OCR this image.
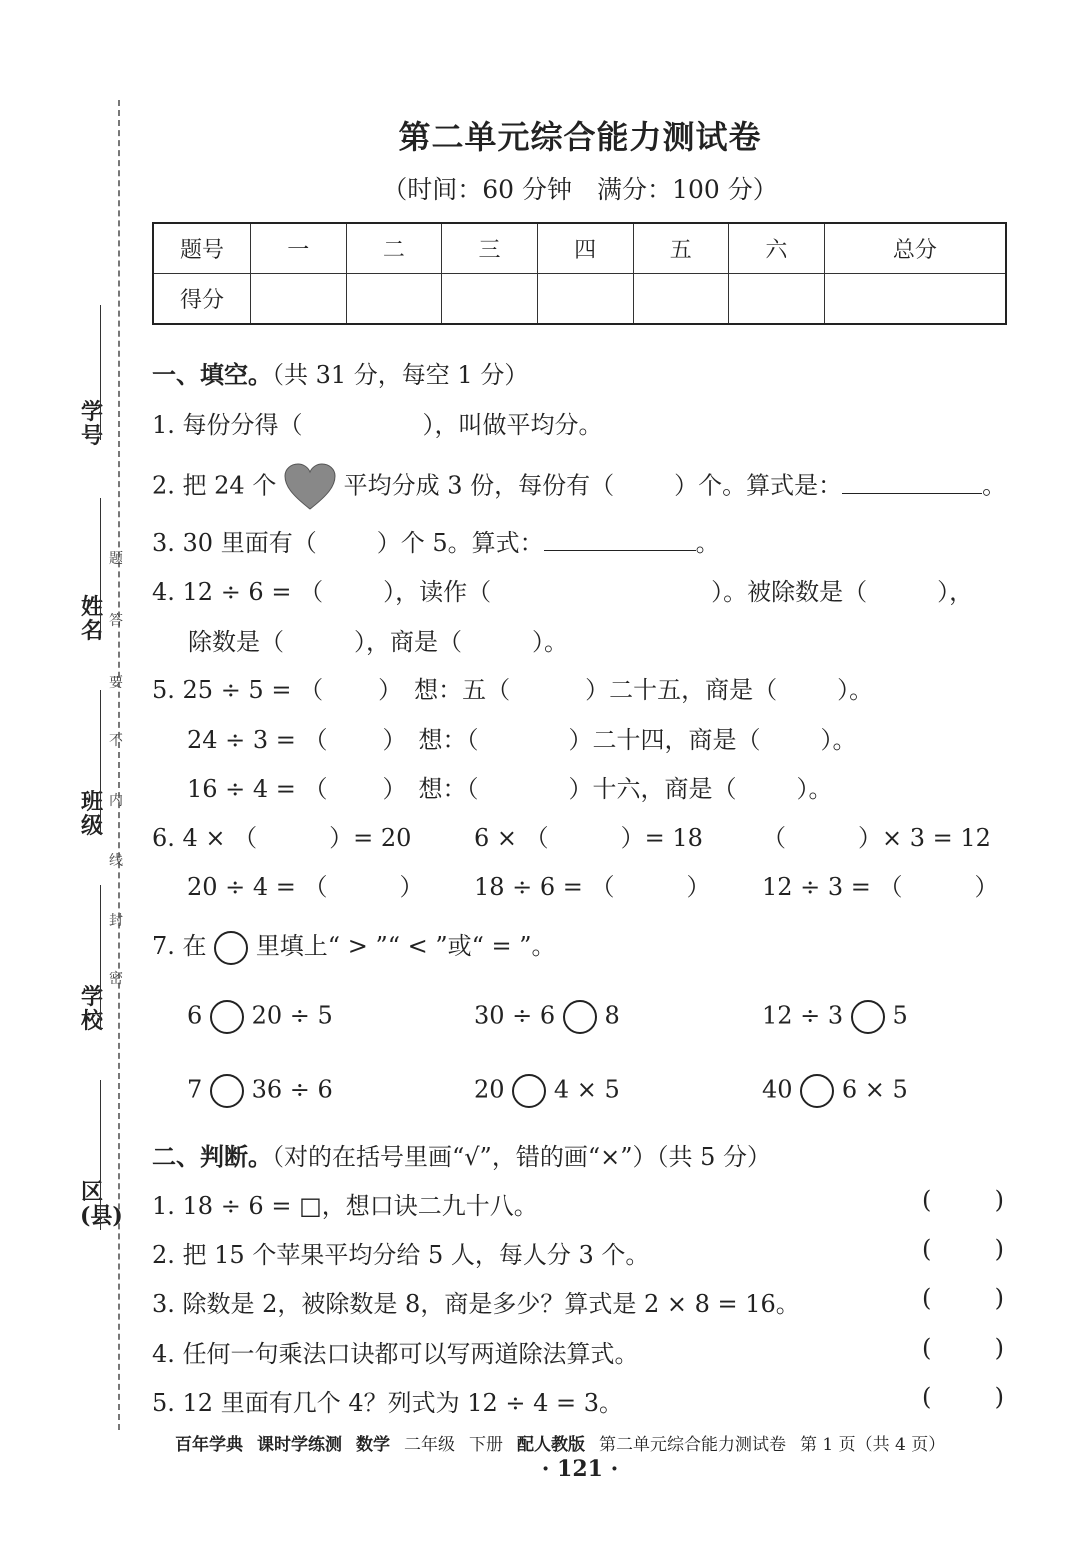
学号
姓名
班级
学校
区(县)
题
答
要
不
内
线
封
密
第二单元综合能力测试卷
（时间：60 分钟　满分：100 分）
题号	一	二	三	四	五	六	总分
得分							
一、填空。（共 31 分，每空 1 分）
1. 每份分得（	），叫做平均分。
2. 把 24 个	平均分成 3 份，每份有（	）个。算式是：	。
3. 30 里面有（	）个 5。算式：	。
4. 12 ÷ 6 = （	），读作（	）。被除数是（	），
除数是（	），商是（	）。
5. 25 ÷ 5 = （ ）　想：五（	）二十五，商是（	）。
24 ÷ 3 = （ ）　想：（	）二十四，商是（	）。
16 ÷ 4 = （ ）　想：（	）十六，商是（	）。
6. 4 × （　　　）= 20	6 × （　　　）= 18 （　　　）× 3 = 12
20 ÷ 4 = （　　　） 18 ÷ 6 = （　　　） 12 ÷ 3 = （　　　）
7. 在 里填上“ > ”“ < ”或“ = ”。
6 20 ÷ 5	30 ÷ 6 8	12 ÷ 3 5
7 36 ÷ 6	20 4 × 5	40 6 × 5
二、判断。（对的在括号里画“√”，错的画“×”）（共 5 分）
1. 18 ÷ 6 = □，想口诀二九十八。	(	)
2. 把 15 个苹果平均分给 5 人，每人分 3 个。	(	)
3. 除数是 2，被除数是 8，商是多少？算式是 2 × 8 = 16。	(	)
4. 任何一句乘法口诀都可以写两道除法算式。	(	)
5. 12 里面有几个 4？列式为 12 ÷ 4 = 3。	(	)
百年学典 课时学练测 数学 二年级 下册 配人教版 第二单元综合能力测试卷 第 1 页（共 4 页）
· 121 ·
